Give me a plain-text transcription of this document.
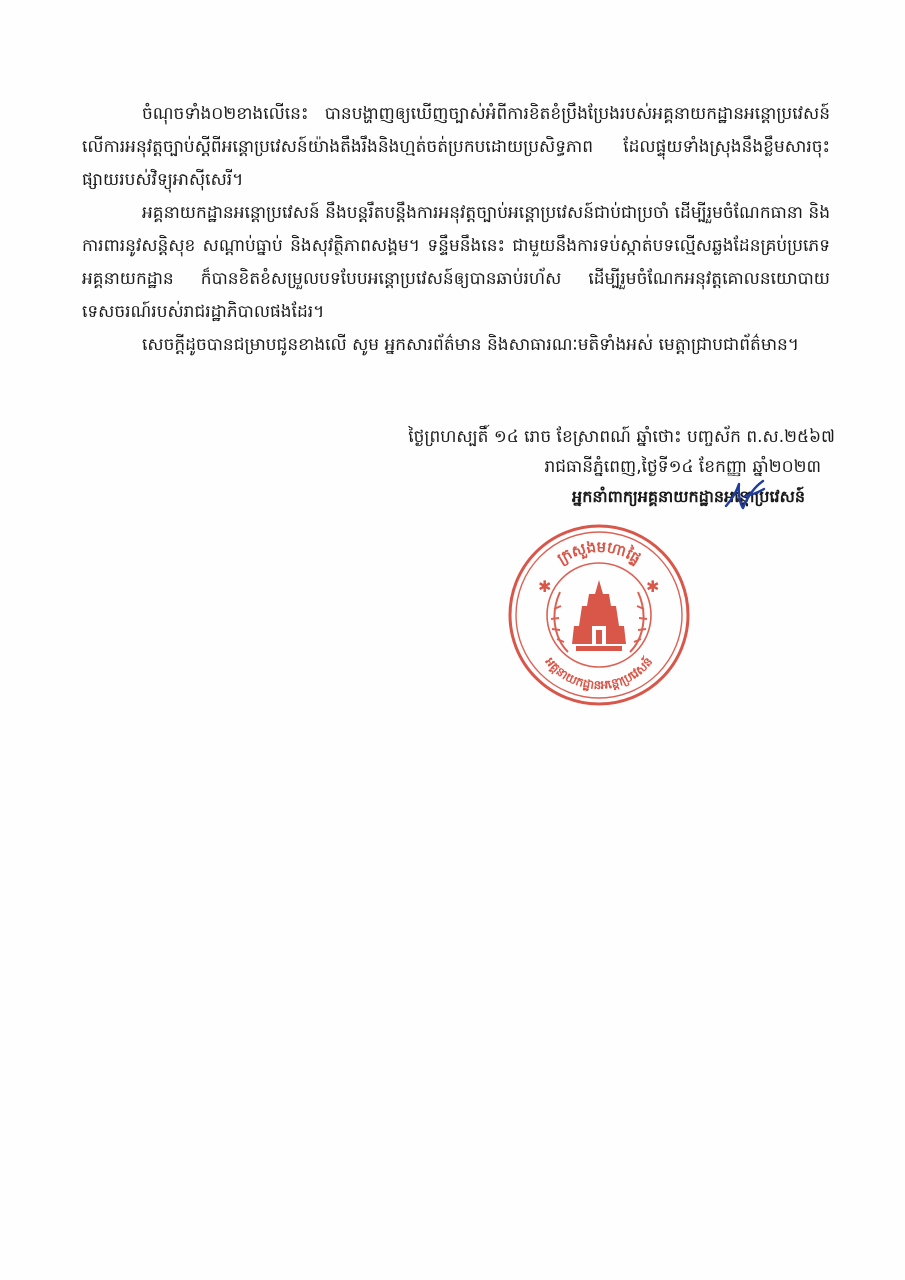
ចំណុចទាំង០២ខាងលើនេះ បានបង្ហាញឲ្យឃើញច្បាស់អំពីការខិតខំប្រឹងប្រែងរបស់អគ្គនាយកដ្ឋានអន្តោប្រវេសន៍ លើការអនុវត្តច្បាប់ស្តីពីអន្តោប្រវេសន៍យ៉ាងតឹងរឹងនិងហ្មត់ចត់ប្រកបដោយប្រសិទ្ធភាព ដែលផ្ទុយទាំងស្រុងនឹងខ្លឹមសារចុះផ្សាយរបស់វិទ្យុអាស៊ីសេរី។

អគ្គនាយកដ្ឋានអន្តោប្រវេសន៍ នឹងបន្តរឹតបន្តឹងការអនុវត្តច្បាប់អន្តោប្រវេសន៍ជាប់ជាប្រចាំ ដើម្បីរួមចំណែកធានា និងការពារនូវសន្តិសុខ សណ្តាប់ធ្នាប់ និងសុវត្ថិភាពសង្គម។ ទន្ទឹមនឹងនេះ ជាមួយនឹងការទប់ស្កាត់បទល្មើសឆ្លងដែនគ្រប់ប្រភេទ អគ្គនាយកដ្ឋាន ក៏បានខិតខំសម្រួលបទបែបអន្តោប្រវេសន៍ឲ្យបានឆាប់រហ័ស ដើម្បីរួមចំណែកអនុវត្តគោលនយោបាយទេសចរណ៍របស់រាជរដ្ឋាភិបាលផងដែរ។

សេចក្តីដូចបានជម្រាបជូនខាងលើ សូម អ្នកសារព័ត៌មាន និងសាធារណៈមតិទាំងអស់ មេត្តាជ្រាបជាព័ត៌មាន។

ថ្ងៃព្រហស្បតិ៍ ១៤ រោច ខែស្រាពណ៍ ឆ្នាំថោះ បញ្ចស័ក ព.ស.២៥៦៧
រាជធានីភ្នំពេញ,ថ្ងៃទី១៤ ខែកញ្ញា ឆ្នាំ២០២៣
អ្នកនាំពាក្យអគ្គនាយកដ្ឋានអន្តោប្រវេសន៍
ក្រសួងមហាផ្ទៃ
អគ្គនាយកដ្ឋានអន្តោប្រវេសន៍
✱	✱
